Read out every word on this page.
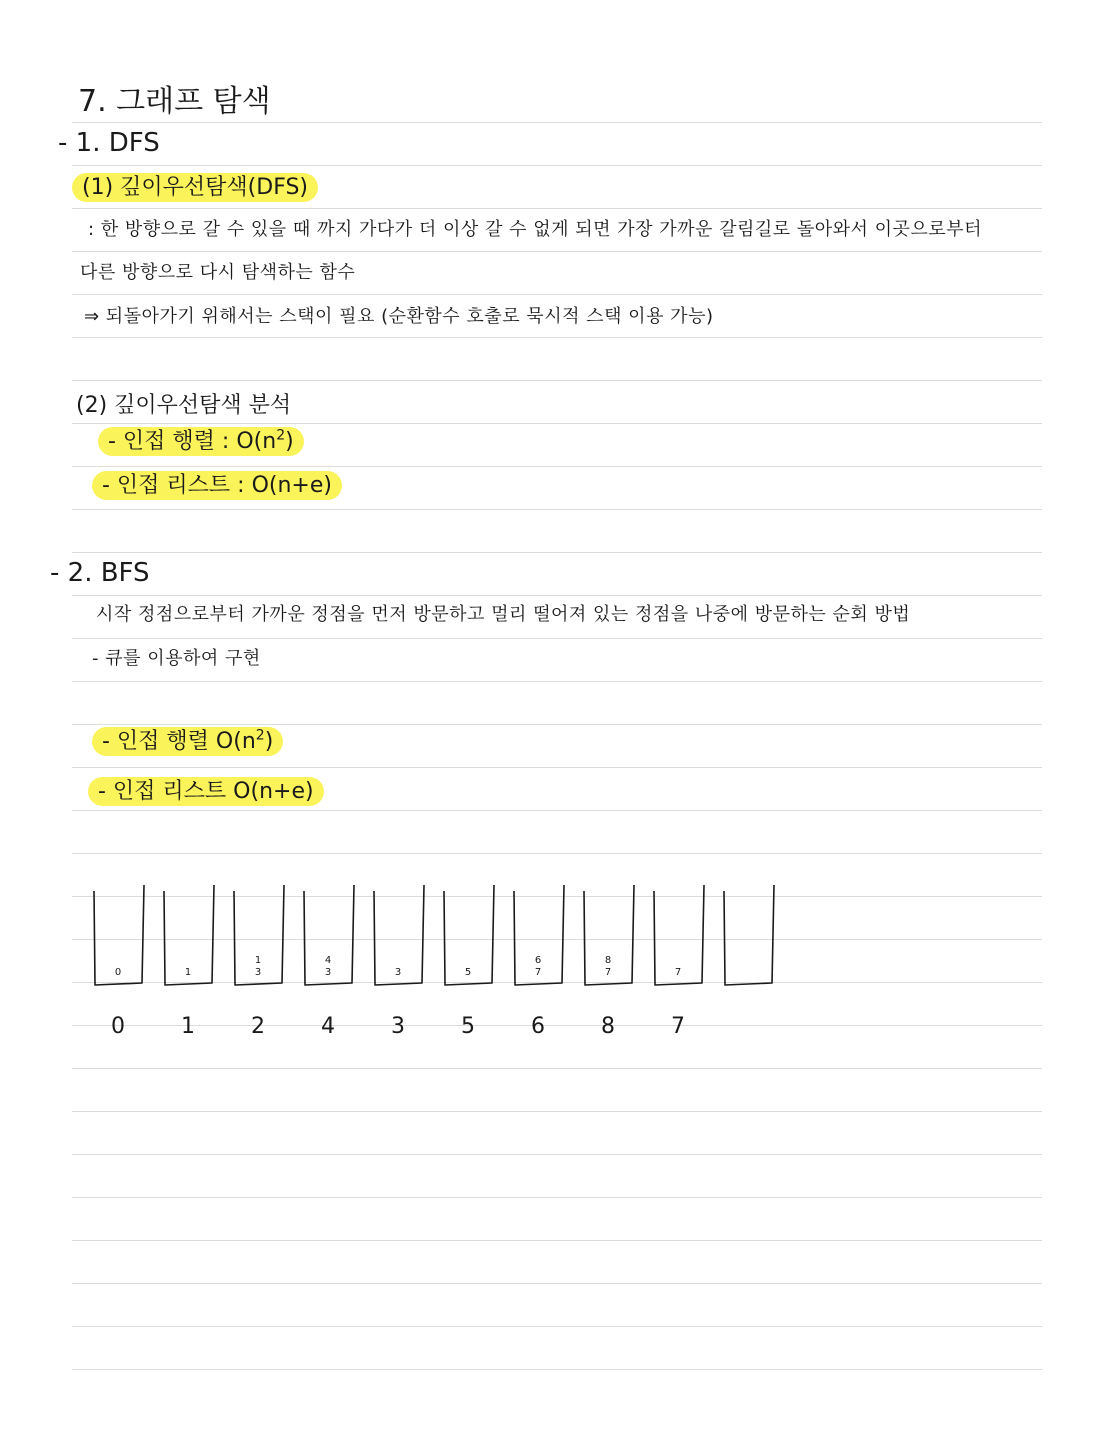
7. 그래프 탐색
- 1. DFS
(1) 깊이우선탐색(DFS)
: 한 방향으로 갈 수 있을 때 까지 가다가 더 이상 갈 수 없게 되면 가장 가까운 갈림길로 돌아와서 이곳으로부터
다른 방향으로 다시 탐색하는 함수
⇒ 되돌아가기 위해서는 스택이 필요 (순환함수 호출로 묵시적 스택 이용 가능)
(2) 깊이우선탐색 분석
- 인접 행렬 : $O(n^2)$
- 인접 리스트 : O(n+e)
- 2. BFS
시작 정점으로부터 가까운 정점을 먼저 방문하고 멀리 떨어져 있는 정점을 나중에 방문하는 순회 방법
- 큐를 이용하여 구현
- 인접 행렬 $O(n^2)$
- 인접 리스트 O(n+e)
0	1
1
3
4
3	3	5
6
7
8
7	7
0	1	2	4	3	5	6	8	7
